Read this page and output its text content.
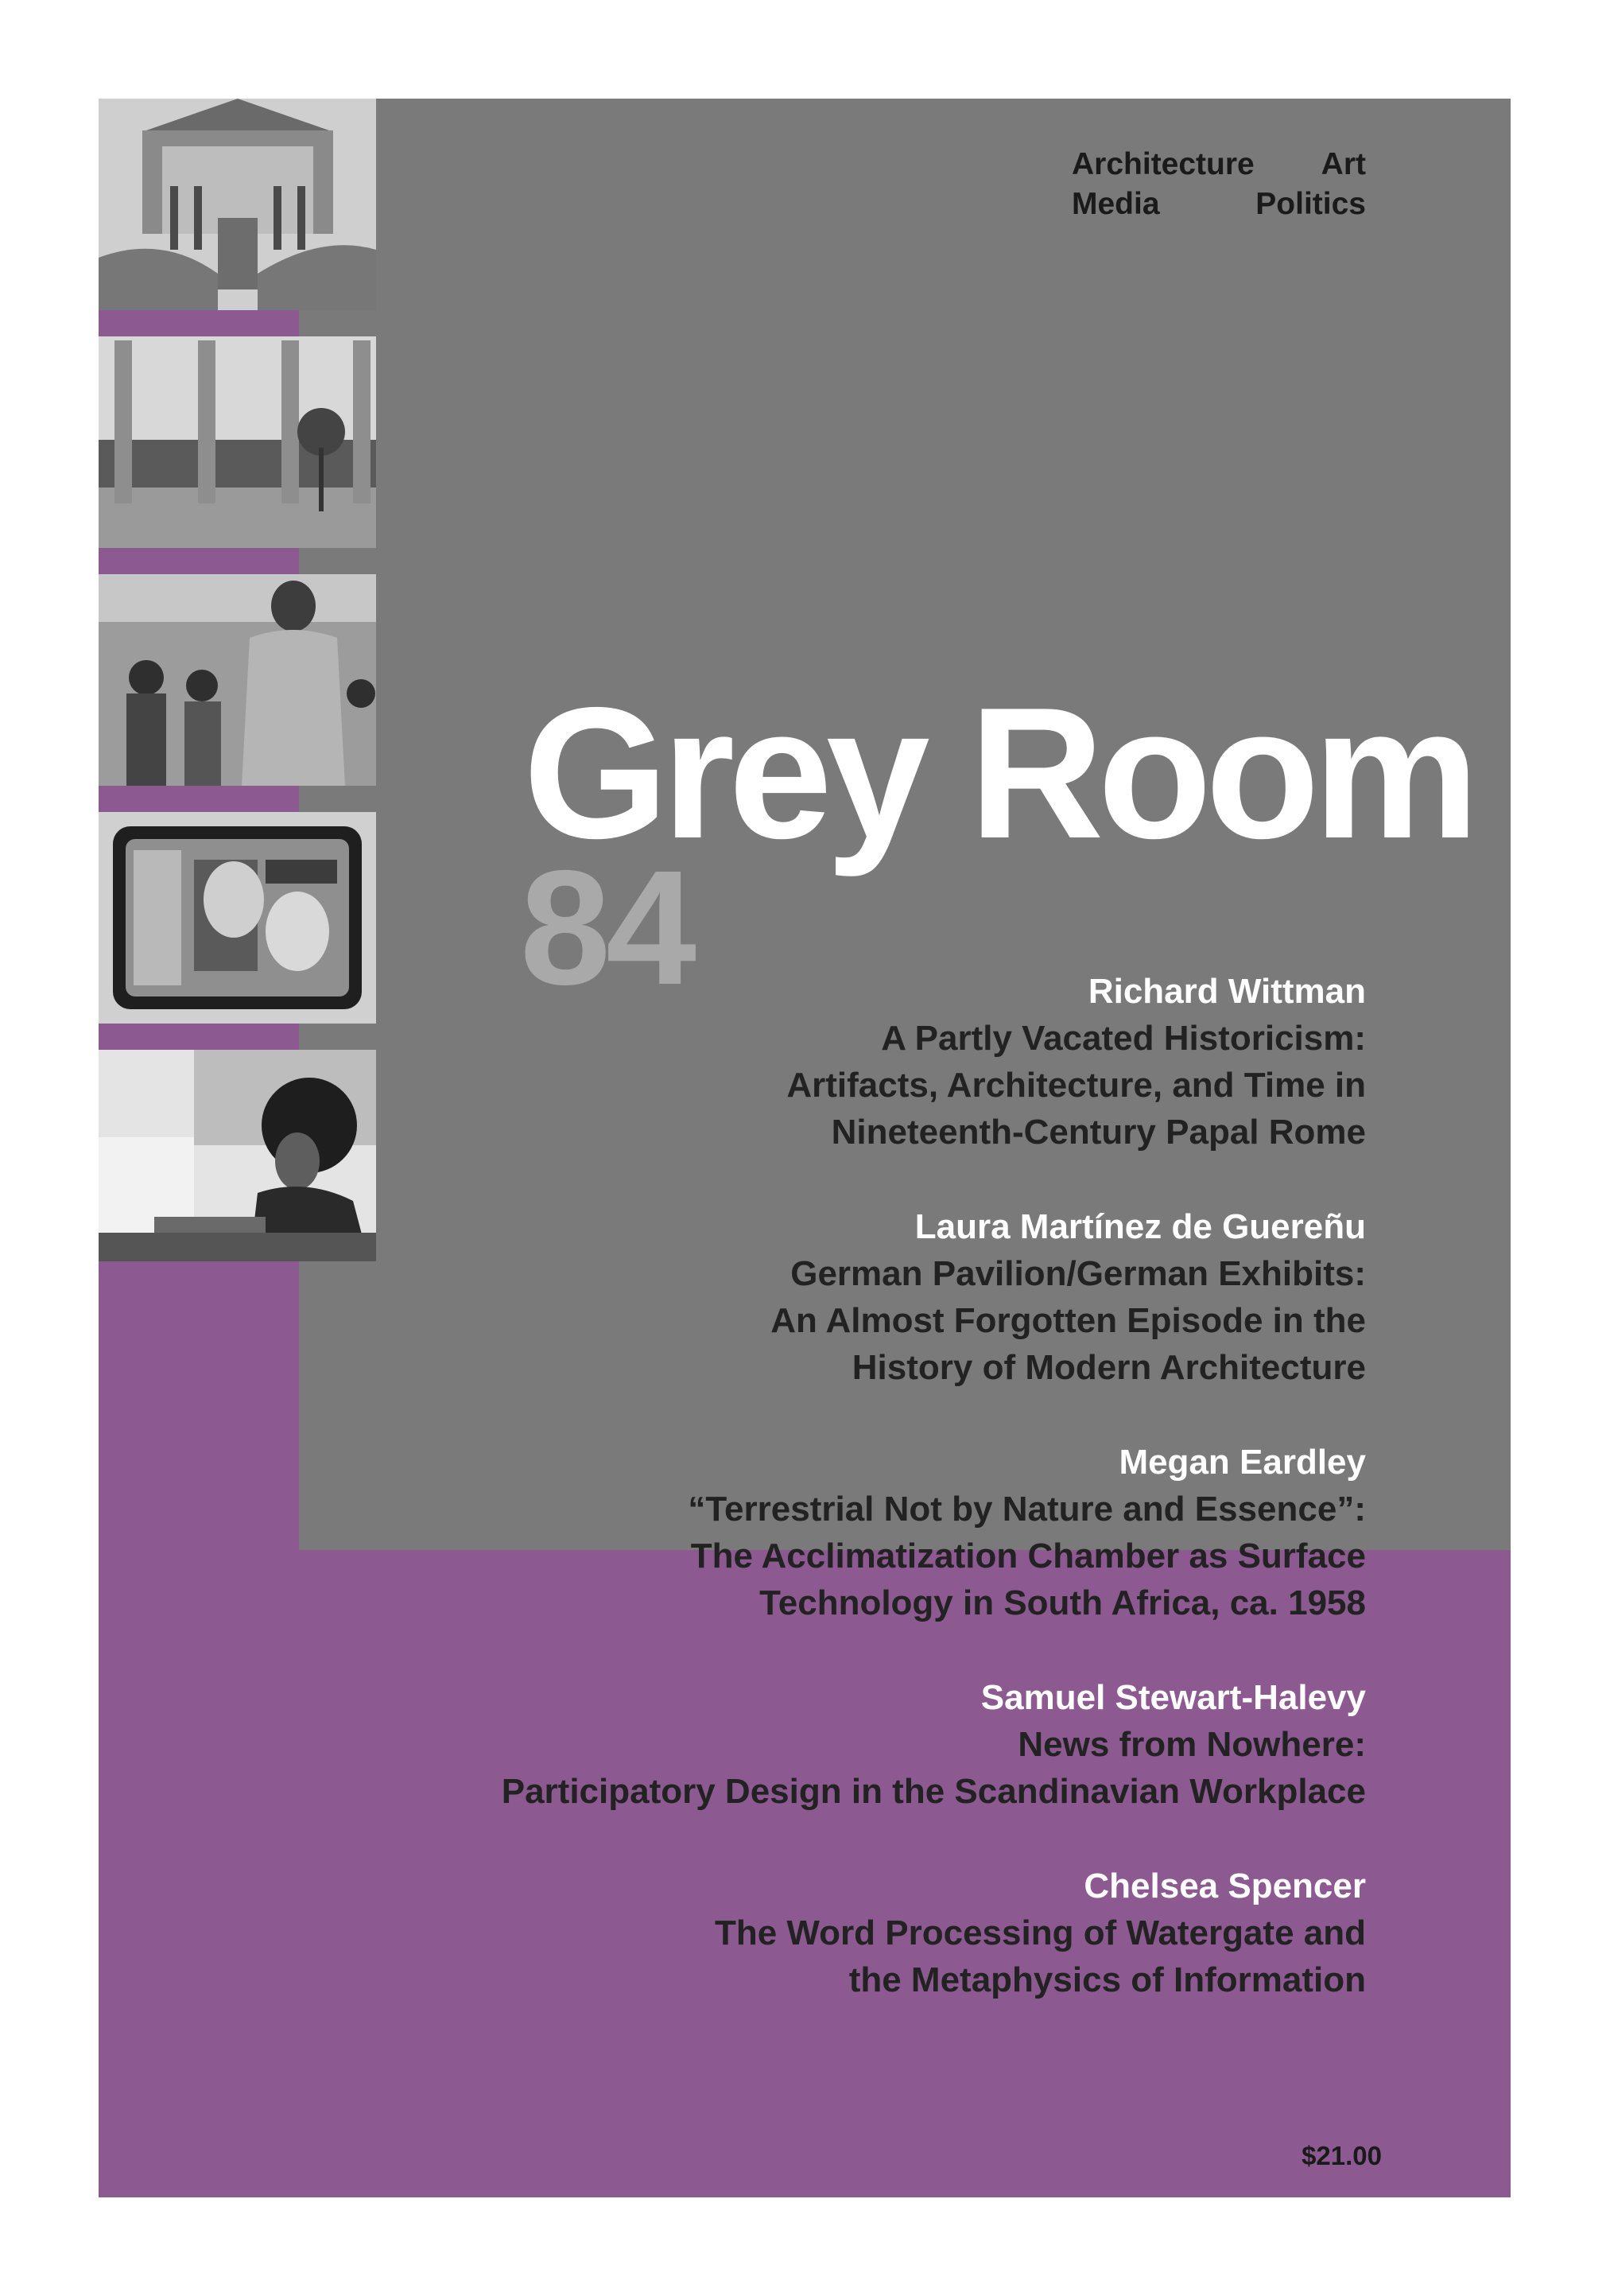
Architecture Art
Media	Politics
Grey Room
84	Richard Wittman
A Partly Vacated Historicism:
Artifacts, Architecture, and Time in
Nineteenth-Century Papal Rome
Laura Martínez de Guereñu
German Pavilion/German Exhibits:
An Almost Forgotten Episode in the
History of Modern Architecture
Megan Eardley
“Terrestrial Not by Nature and Essence”:
The Acclimatization Chamber as Surface
Technology in South Africa, ca. 1958
Samuel Stewart-Halevy
News from Nowhere:
Participatory Design in the Scandinavian Workplace
Chelsea Spencer
The Word Processing of Watergate and
the Metaphysics of Information
$21.00
